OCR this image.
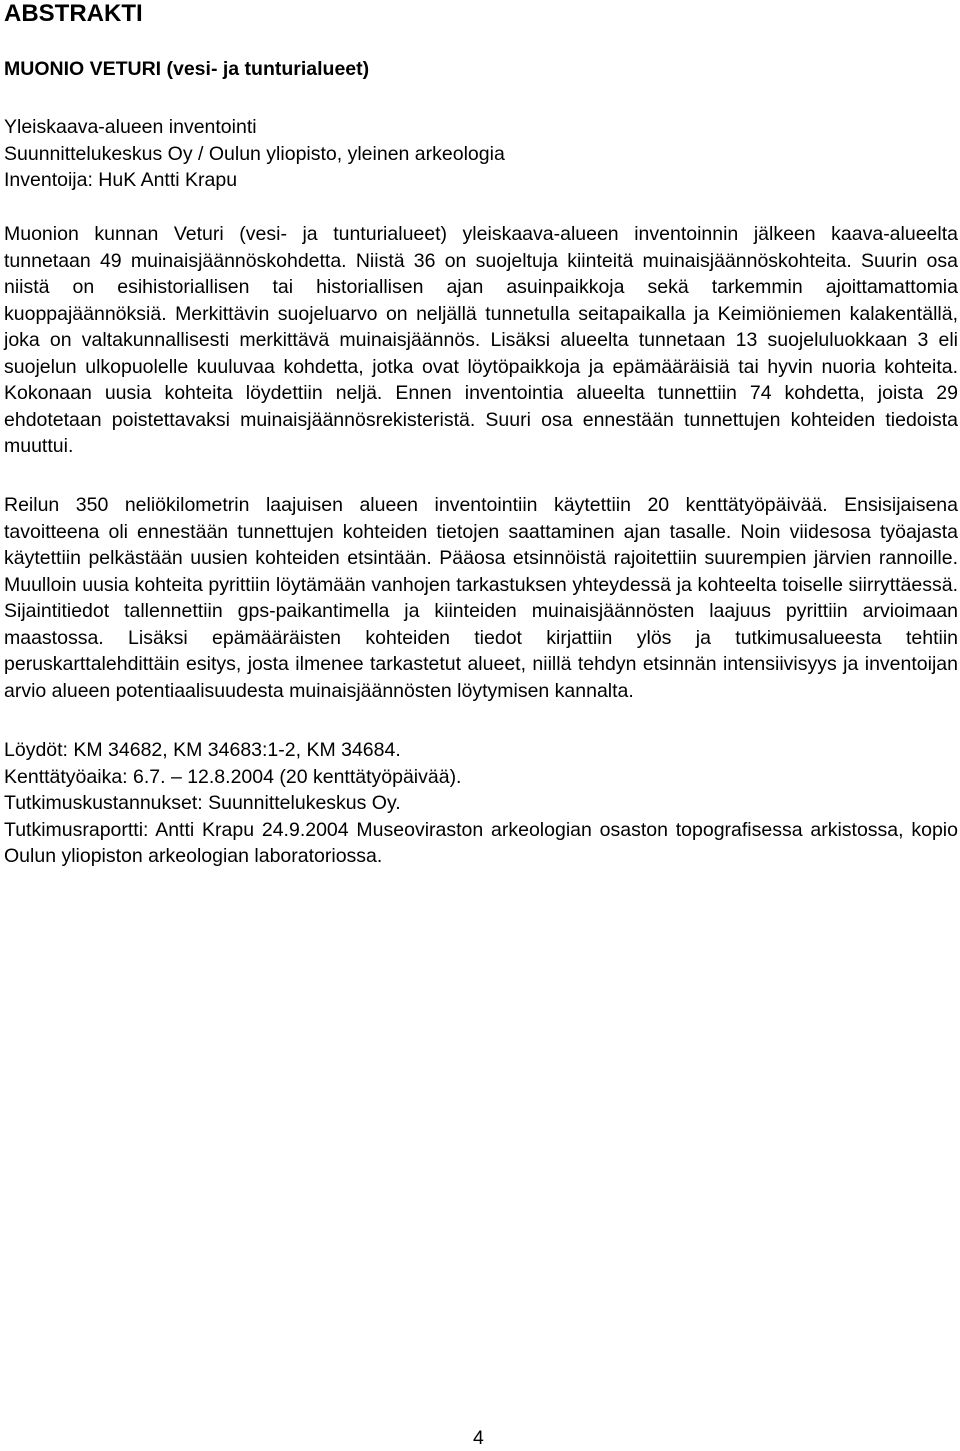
ABSTRAKTI
MUONIO VETURI (vesi- ja tunturialueet)
Yleiskaava-alueen inventointi
Suunnittelukeskus Oy / Oulun yliopisto, yleinen arkeologia
Inventoija: HuK Antti Krapu
Muonion kunnan Veturi (vesi- ja tunturialueet) yleiskaava-alueen inventoinnin jälkeen kaava-alueelta tunnetaan 49 muinaisjäännöskohdetta. Niistä 36 on suojeltuja kiinteitä muinaisjäännöskohteita. Suurin osa niistä on esihistoriallisen tai historiallisen ajan asuinpaikkoja sekä tarkemmin ajoittamattomia kuoppajäännöksiä. Merkittävin suojeluarvo on neljällä tunnetulla seitapaikalla ja Keimiöniemen kalakentällä, joka on valtakunnallisesti merkittävä muinaisjäännös. Lisäksi alueelta tunnetaan 13 suojeluluokkaan 3 eli suojelun ulkopuolelle kuuluvaa kohdetta, jotka ovat löytöpaikkoja ja epämääräisiä tai hyvin nuoria kohteita. Kokonaan uusia kohteita löydettiin neljä. Ennen inventointia alueelta tunnettiin 74 kohdetta, joista 29 ehdotetaan poistettavaksi muinaisjäännösrekisteristä. Suuri osa ennestään tunnettujen kohteiden tiedoista muuttui.
Reilun 350 neliökilometrin laajuisen alueen inventointiin käytettiin 20 kenttätyöpäivää. Ensisijaisena tavoitteena oli ennestään tunnettujen kohteiden tietojen saattaminen ajan tasalle. Noin viidesosa työajasta käytettiin pelkästään uusien kohteiden etsintään. Pääosa etsinnöistä rajoitettiin suurempien järvien rannoille. Muulloin uusia kohteita pyrittiin löytämään vanhojen tarkastuksen yhteydessä ja kohteelta toiselle siirryttäessä. Sijaintitiedot tallennettiin gps-paikantimella ja kiinteiden muinaisjäännösten laajuus pyrittiin arvioimaan maastossa. Lisäksi epämääräisten kohteiden tiedot kirjattiin ylös ja tutkimusalueesta tehtiin peruskarttalehdittäin esitys, josta ilmenee tarkastetut alueet, niillä tehdyn etsinnän intensiivisyys ja inventoijan arvio alueen potentiaalisuudesta muinaisjäännösten löytymisen kannalta.
Löydöt: KM 34682, KM 34683:1-2, KM 34684.
Kenttätyöaika: 6.7. – 12.8.2004 (20 kenttätyöpäivää).
Tutkimuskustannukset: Suunnittelukeskus Oy.
Tutkimusraportti: Antti Krapu 24.9.2004 Museoviraston arkeologian osaston topografisessa arkistossa, kopio Oulun yliopiston arkeologian laboratoriossa.
4
